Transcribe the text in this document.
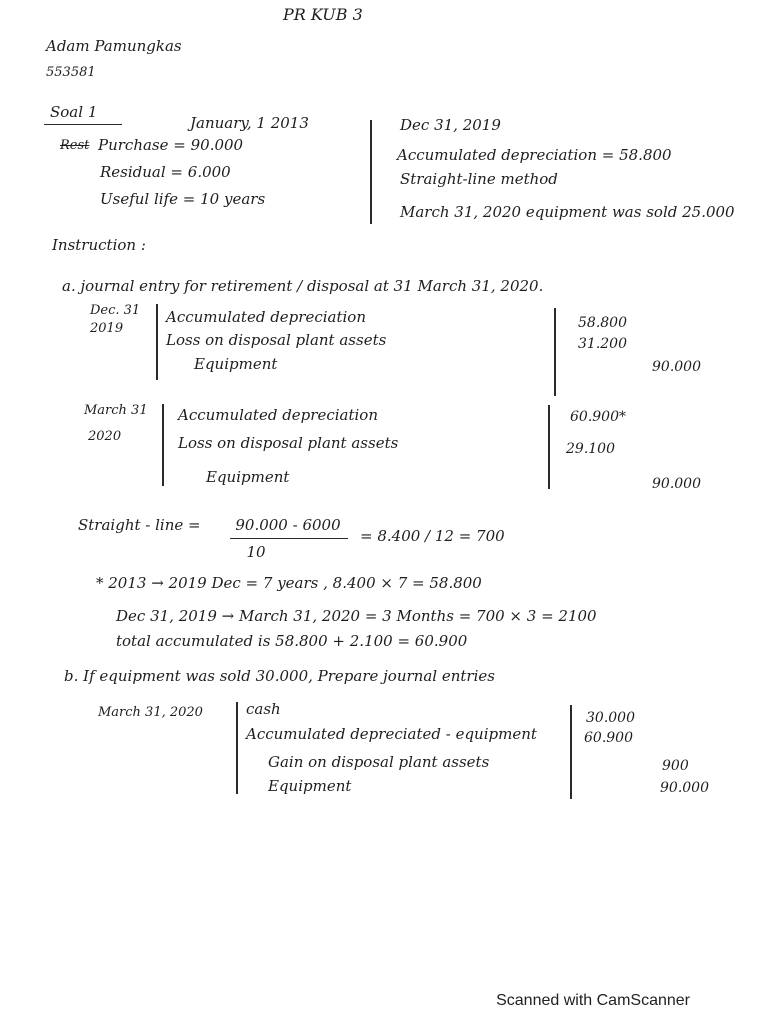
PR KUB 3
Adam Pamungkas
553581
Soal 1
January, 1 2013
Rest Purchase = 90.000
Residual = 6.000
Useful life = 10 years
Dec 31, 2019
Accumulated depreciation = 58.800
Straight-line method
March 31, 2020 equipment was sold 25.000
Instruction :
a. journal entry for retirement / disposal at 31 March 31, 2020.
Dec. 31
2019
Accumulated depreciation
Loss on disposal plant assets
Equipment
58.800
31.200
90.000
March 31
2020
Accumulated depreciation
Loss on disposal plant assets
Equipment
60.900*
29.100
90.000
Straight - line =	90.000 - 6000
10
= 8.400 / 12 = 700
* 2013 → 2019 Dec = 7 years , 8.400 × 7 = 58.800
Dec 31, 2019 → March 31, 2020 = 3 Months = 700 × 3 = 2100
total accumulated is 58.800 + 2.100 = 60.900
b. If equipment was sold 30.000, Prepare journal entries
March 31, 2020	cash
Accumulated depreciated - equipment
Gain on disposal plant assets
Equipment
30.000
60.900
900
90.000
Scanned with CamScanner
